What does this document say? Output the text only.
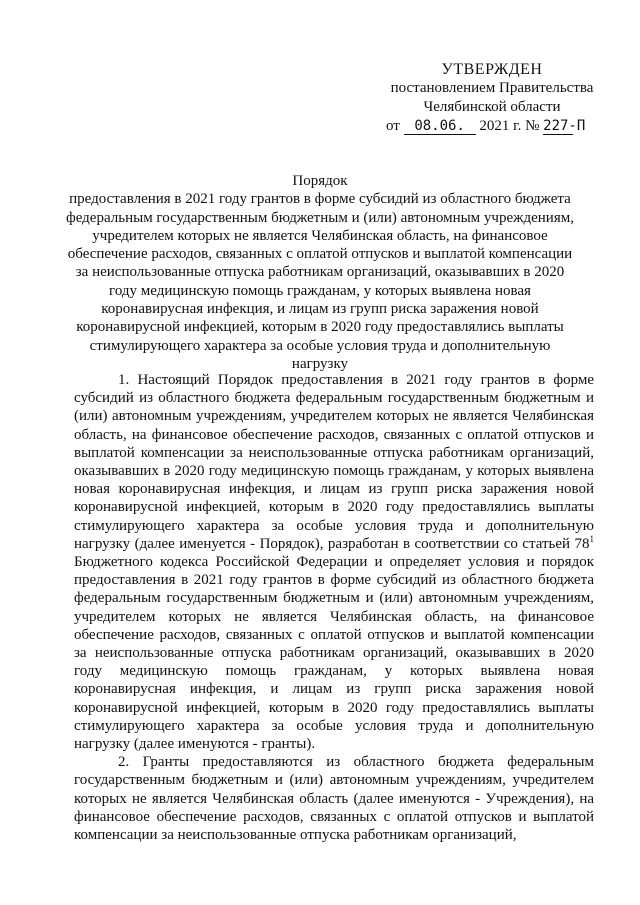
УТВЕРЖДЕН
постановлением Правительства
Челябинской области
от 08.06. 2021 г. № 227-П
Порядок
предоставления в 2021 году грантов в форме субсидий из областного бюджета федеральным государственным бюджетным и (или) автономным учреждениям, учредителем которых не является Челябинская область, на финансовое обеспечение расходов, связанных с оплатой отпусков и выплатой компенсации за неиспользованные отпуска работникам организаций, оказывавших в 2020 году медицинскую помощь гражданам, у которых выявлена новая коронавирусная инфекция, и лицам из групп риска заражения новой коронавирусной инфекцией, которым в 2020 году предоставлялись выплаты стимулирующего характера за особые условия труда и дополнительную нагрузку

1. Настоящий Порядок предоставления в 2021 году грантов в форме субсидий из областного бюджета федеральным государственным бюджетным и (или) автономным учреждениям, учредителем которых не является Челябинская область, на финансовое обеспечение расходов, связанных с оплатой отпусков и выплатой компенсации за неиспользованные отпуска работникам организаций, оказывавших в 2020 году медицинскую помощь гражданам, у которых выявлена новая коронавирусная инфекция, и лицам из групп риска заражения новой коронавирусной инфекцией, которым в 2020 году предоставлялись выплаты стимулирующего характера за особые условия труда и дополнительную нагрузку (далее именуется - Порядок), разработан в соответствии со статьей 78$^1$ Бюджетного кодекса Российской Федерации и определяет условия и порядок предоставления в 2021 году грантов в форме субсидий из областного бюджета федеральным государственным бюджетным и (или) автономным учреждениям, учредителем которых не является Челябинская область, на финансовое обеспечение расходов, связанных с оплатой отпусков и выплатой компенсации за неиспользованные отпуска работникам организаций, оказывавших в 2020 году медицинскую помощь гражданам, у которых выявлена новая коронавирусная инфекция, и лицам из групп риска заражения новой коронавирусной инфекцией, которым в 2020 году предоставлялись выплаты стимулирующего характера за особые условия труда и дополнительную нагрузку (далее именуются - гранты).

2. Гранты предоставляются из областного бюджета федеральным государственным бюджетным и (или) автономным учреждениям, учредителем которых не является Челябинская область (далее именуются - Учреждения), на финансовое обеспечение расходов, связанных с оплатой отпусков и выплатой компенсации за неиспользованные отпуска работникам организаций,
